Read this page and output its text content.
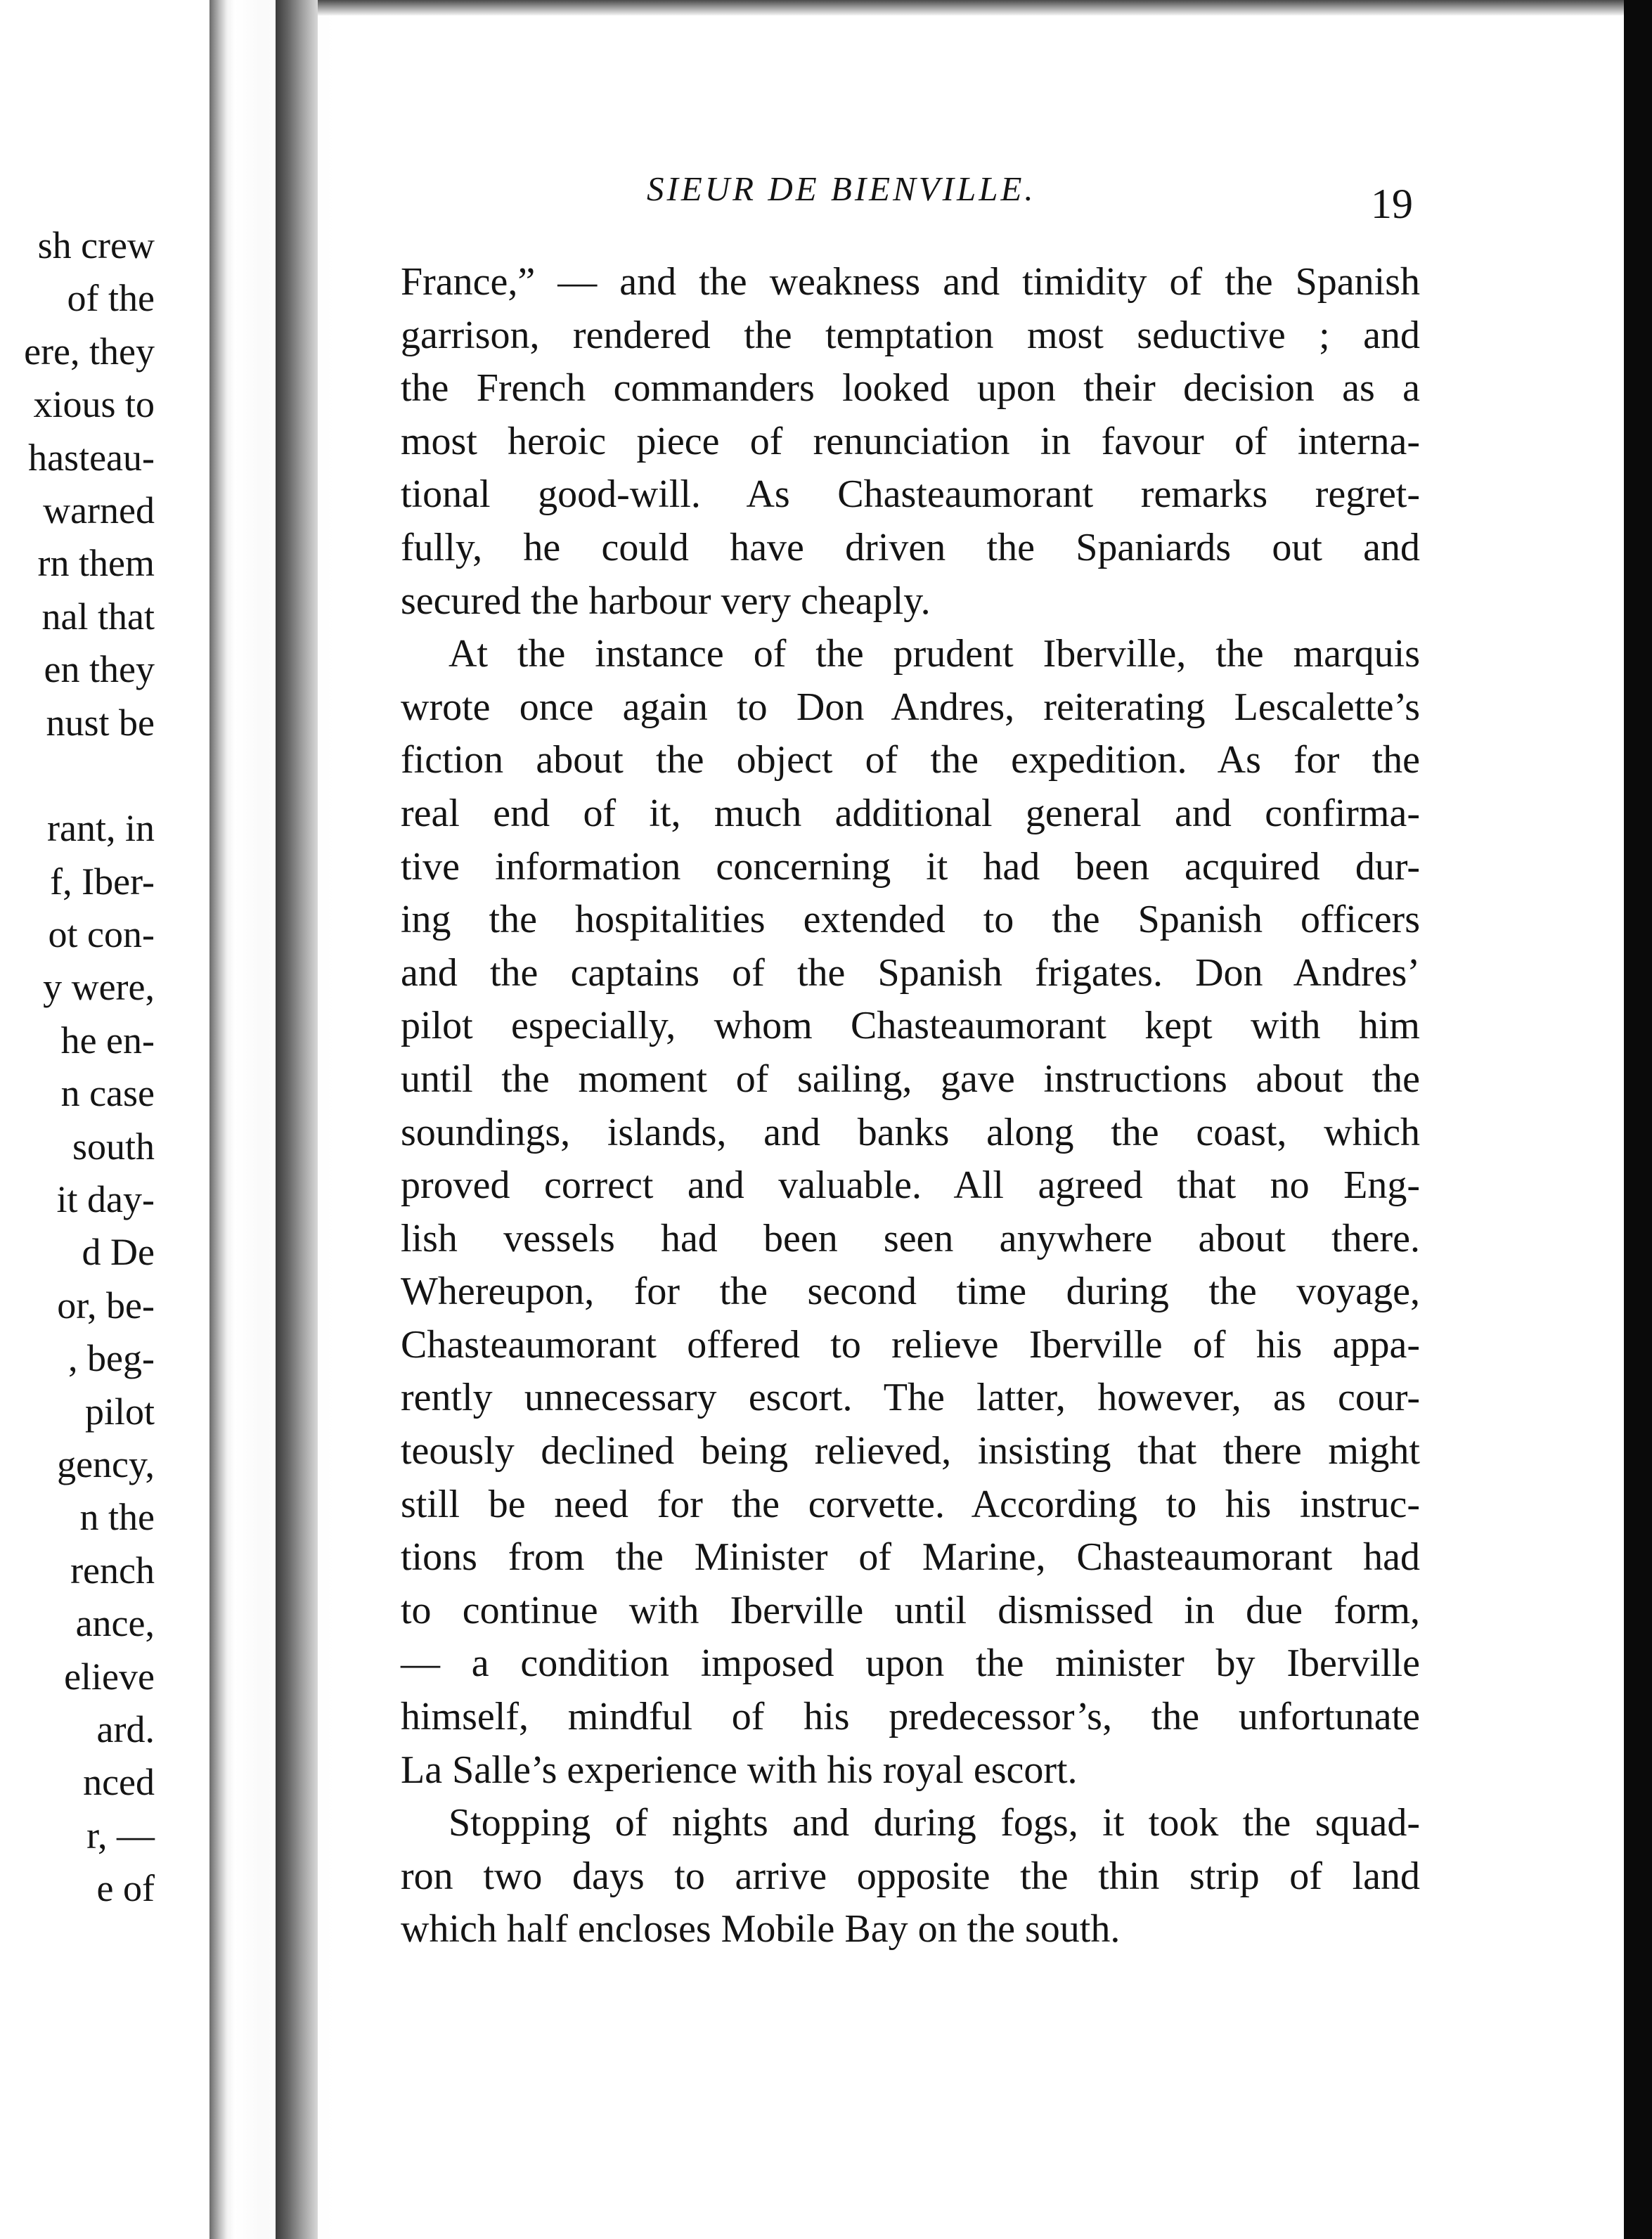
sh crew
of the
ere, they
xious to
hasteau-
warned
rn them
nal that
en they
nust be
rant, in
f, Iber-
ot con-
y were,
he en-
n case
south
it day-
d De
or, be-
, beg-
pilot
gency,
n the
rench
ance,
elieve
ard.
nced
r, —
e of
SIEUR DE BIENVILLE.	19
France,” — and the weakness and timidity of the Spanish
garrison, rendered the temptation most seductive ; and
the French commanders looked upon their decision as a
most heroic piece of renunciation in favour of interna-
tional good-will. As Chasteaumorant remarks regret-
fully, he could have driven the Spaniards out and
secured the harbour very cheaply.
At the instance of the prudent Iberville, the marquis
wrote once again to Don Andres, reiterating Lescalette’s
fiction about the object of the expedition. As for the
real end of it, much additional general and confirma-
tive information concerning it had been acquired dur-
ing the hospitalities extended to the Spanish officers
and the captains of the Spanish frigates. Don Andres’
pilot especially, whom Chasteaumorant kept with him
until the moment of sailing, gave instructions about the
soundings, islands, and banks along the coast, which
proved correct and valuable. All agreed that no Eng-
lish vessels had been seen anywhere about there.
Whereupon, for the second time during the voyage,
Chasteaumorant offered to relieve Iberville of his appa-
rently unnecessary escort. The latter, however, as cour-
teously declined being relieved, insisting that there might
still be need for the corvette. According to his instruc-
tions from the Minister of Marine, Chasteaumorant had
to continue with Iberville until dismissed in due form,
— a condition imposed upon the minister by Iberville
himself, mindful of his predecessor’s, the unfortunate
La Salle’s experience with his royal escort.
Stopping of nights and during fogs, it took the squad-
ron two days to arrive opposite the thin strip of land
which half encloses Mobile Bay on the south.
